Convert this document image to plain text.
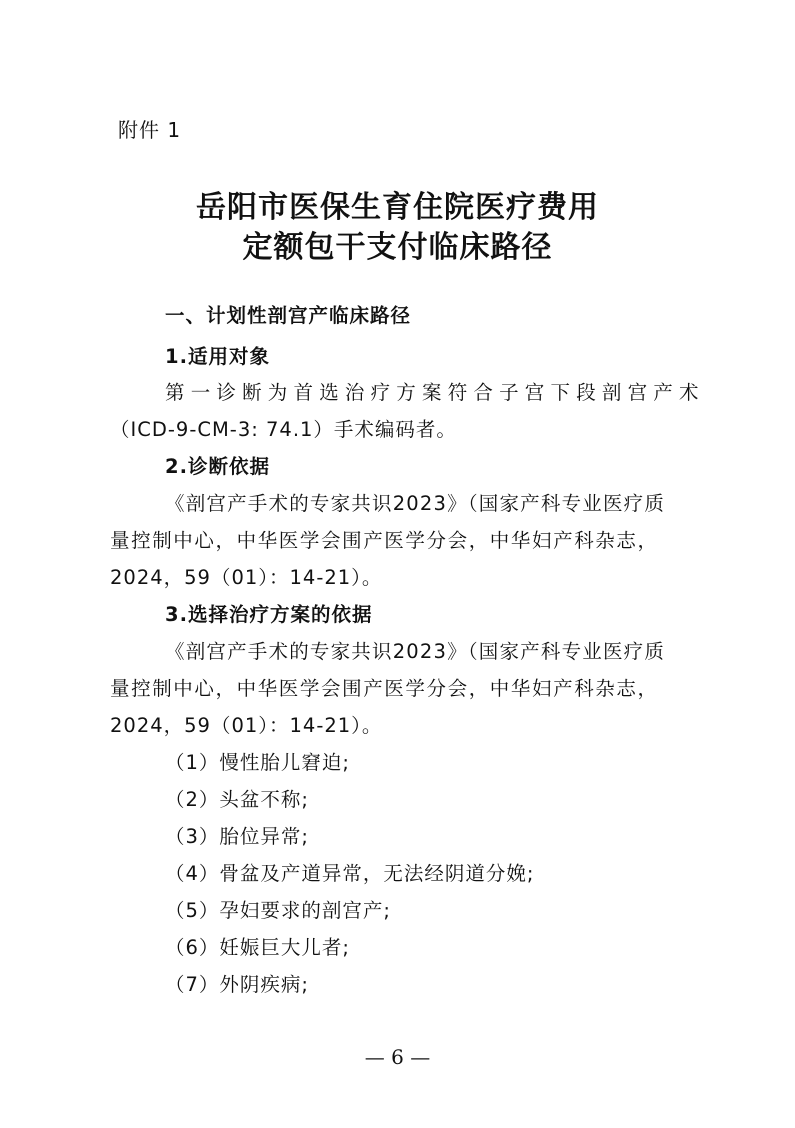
附件 1
岳阳市医保生育住院医疗费用
定额包干支付临床路径
一、计划性剖宫产临床路径
1.适用对象
第一诊断为首选治疗方案符合子宫下段剖宫产术
（ICD-9-CM-3: 74.1）手术编码者。
2.诊断依据
《剖宫产手术的专家共识2023》（国家产科专业医疗质
量控制中心，中华医学会围产医学分会，中华妇产科杂志，
2024，59（01）：14-21）。
3.选择治疗方案的依据
《剖宫产手术的专家共识2023》（国家产科专业医疗质
量控制中心，中华医学会围产医学分会，中华妇产科杂志，
2024，59（01）：14-21）。
（1）慢性胎儿窘迫;
（2）头盆不称;
（3）胎位异常;
（4）骨盆及产道异常，无法经阴道分娩;
（5）孕妇要求的剖宫产;
（6）妊娠巨大儿者;
（7）外阴疾病;
— 6 —
